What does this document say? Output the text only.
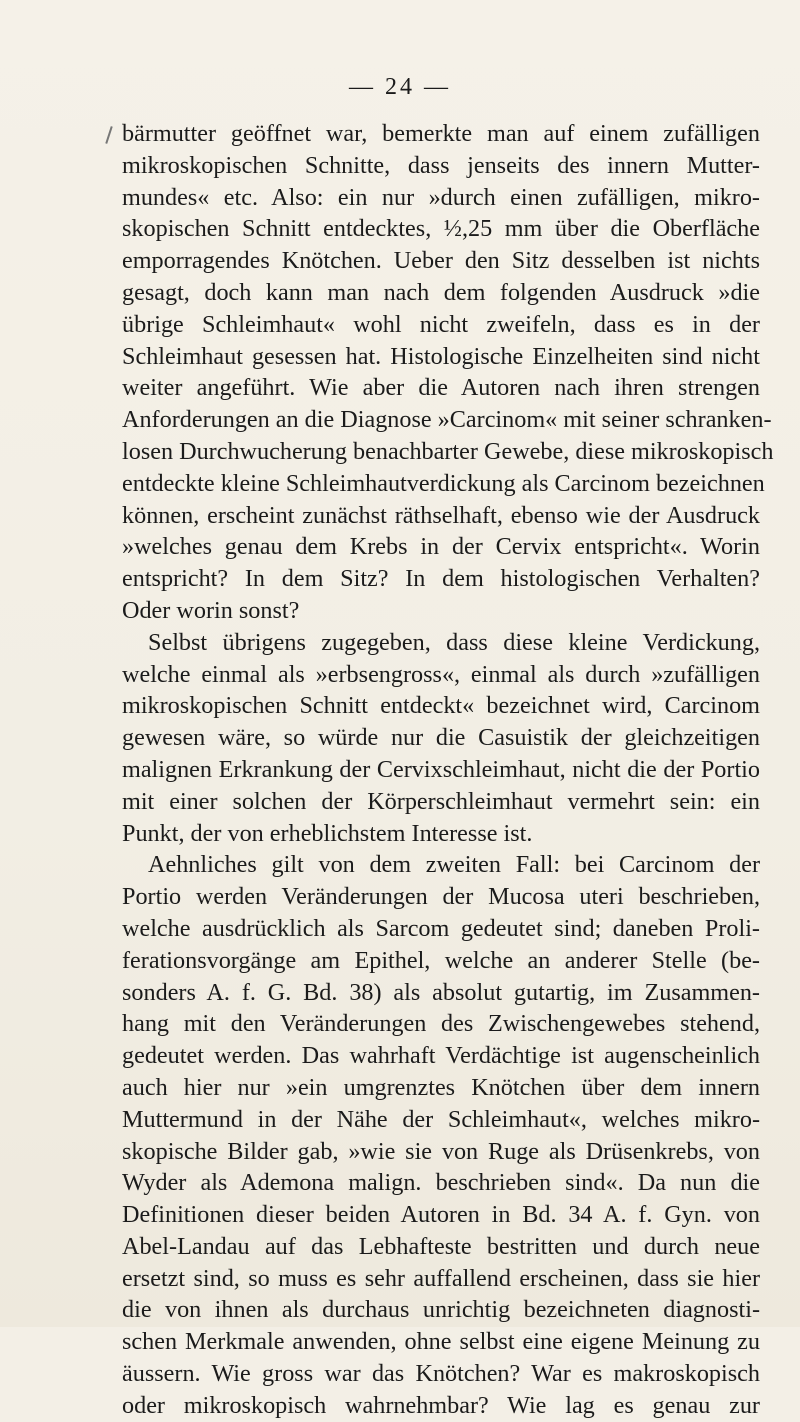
— 24 —
bärmutter geöffnet war, bemerkte man auf einem zufälligen
mikroskopischen Schnitte, dass jenseits des innern Mutter-
mundes« etc. Also: ein nur »durch einen zufälligen, mikro-
skopischen Schnitt entdecktes, ½,25 mm über die Oberfläche
emporragendes Knötchen. Ueber den Sitz desselben ist nichts
gesagt, doch kann man nach dem folgenden Ausdruck »die
übrige Schleimhaut« wohl nicht zweifeln, dass es in der
Schleimhaut gesessen hat. Histologische Einzelheiten sind nicht
weiter angeführt. Wie aber die Autoren nach ihren strengen
Anforderungen an die Diagnose »Carcinom« mit seiner schranken-
losen Durchwucherung benachbarter Gewebe, diese mikroskopisch
entdeckte kleine Schleimhautverdickung als Carcinom bezeichnen
können, erscheint zunächst räthselhaft, ebenso wie der Ausdruck
»welches genau dem Krebs in der Cervix entspricht«. Worin
entspricht? In dem Sitz? In dem histologischen Verhalten?
Oder worin sonst?
Selbst übrigens zugegeben, dass diese kleine Verdickung,
welche einmal als »erbsengross«, einmal als durch »zufälligen
mikroskopischen Schnitt entdeckt« bezeichnet wird, Carcinom
gewesen wäre, so würde nur die Casuistik der gleichzeitigen
malignen Erkrankung der Cervixschleimhaut, nicht die der Portio
mit einer solchen der Körperschleimhaut vermehrt sein: ein
Punkt, der von erheblichstem Interesse ist.
Aehnliches gilt von dem zweiten Fall: bei Carcinom der
Portio werden Veränderungen der Mucosa uteri beschrieben,
welche ausdrücklich als Sarcom gedeutet sind; daneben Proli-
ferationsvorgänge am Epithel, welche an anderer Stelle (be-
sonders A. f. G. Bd. 38) als absolut gutartig, im Zusammen-
hang mit den Veränderungen des Zwischengewebes stehend,
gedeutet werden. Das wahrhaft Verdächtige ist augenscheinlich
auch hier nur »ein umgrenztes Knötchen über dem innern
Muttermund in der Nähe der Schleimhaut«, welches mikro-
skopische Bilder gab, »wie sie von Ruge als Drüsenkrebs, von
Wyder als Ademona malign. beschrieben sind«. Da nun die
Definitionen dieser beiden Autoren in Bd. 34 A. f. Gyn. von
Abel-Landau auf das Lebhafteste bestritten und durch neue
ersetzt sind, so muss es sehr auffallend erscheinen, dass sie hier
die von ihnen als durchaus unrichtig bezeichneten diagnosti-
schen Merkmale anwenden, ohne selbst eine eigene Meinung zu
äussern. Wie gross war das Knötchen? War es makroskopisch
oder mikroskopisch wahrnehmbar? Wie lag es genau zur
